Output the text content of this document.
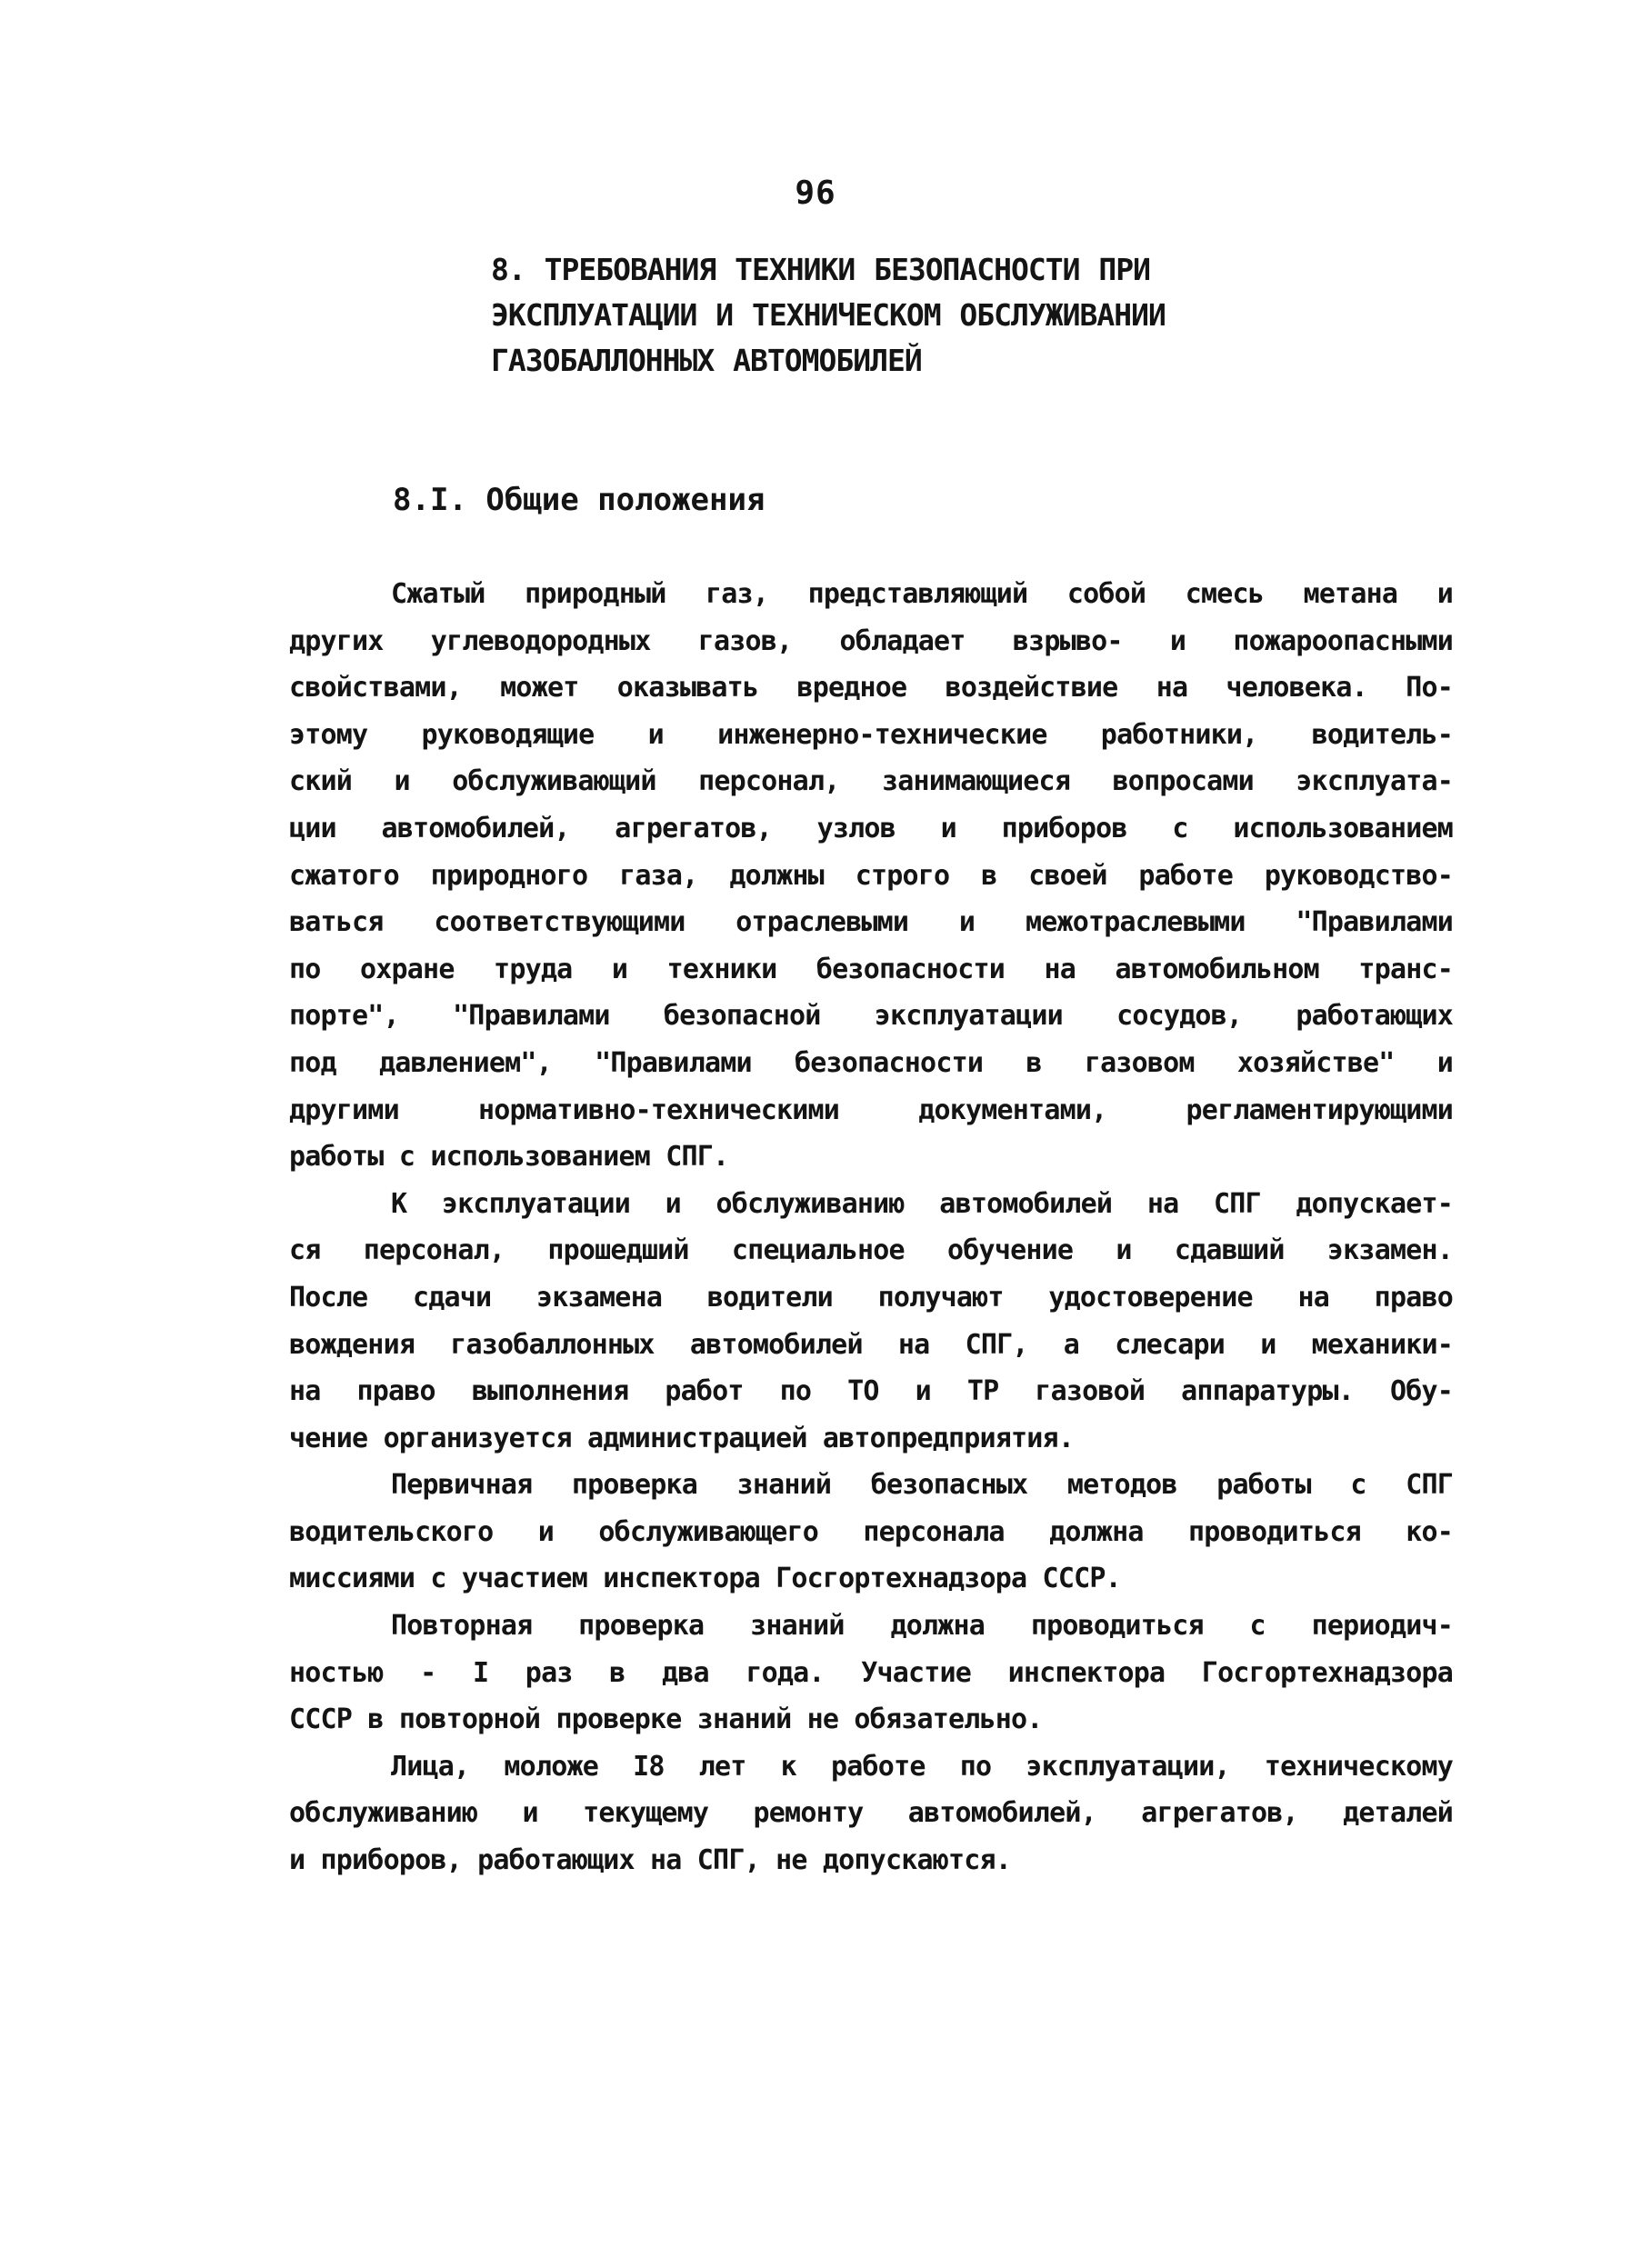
96
8. ТРЕБОВАНИЯ ТЕХНИКИ БЕЗОПАСНОСТИ ПРИ
ЭКСПЛУАТАЦИИ И ТЕХНИЧЕСКОМ ОБСЛУЖИВАНИИ
ГАЗОБАЛЛОННЫХ АВТОМОБИЛЕЙ
8.I. Общие положения
Сжатый природный газ, представляющий собой смесь метана и
других углеводородных газов, обладает взрыво- и пожароопасными
свойствами, может оказывать вредное воздействие на человека. По-
этому руководящие и инженерно-технические работники, водитель-
ский и обслуживающий персонал, занимающиеся вопросами эксплуата-
ции автомобилей, агрегатов, узлов и приборов с использованием
сжатого природного газа, должны строго в своей работе руководство-
ваться соответствующими отраслевыми и межотраслевыми "Правилами
по охране труда и техники безопасности на автомобильном транс-
порте", "Правилами безопасной эксплуатации сосудов, работающих
под давлением", "Правилами безопасности в газовом хозяйстве" и
другими нормативно-техническими документами, регламентирующими
работы с использованием СПГ.
К эксплуатации и обслуживанию автомобилей на СПГ допускает-
ся персонал, прошедший специальное обучение и сдавший экзамен.
После сдачи экзамена водители получают удостоверение на право
вождения газобаллонных автомобилей на СПГ, а слесари и механики-
на право выполнения работ по ТО и ТР газовой аппаратуры. Обу-
чение организуется администрацией автопредприятия.
Первичная проверка знаний безопасных методов работы с СПГ
водительского и обслуживающего персонала должна проводиться ко-
миссиями с участием инспектора Госгортехнадзора СССР.
Повторная проверка знаний должна проводиться с периодич-
ностью - I раз в два года. Участие инспектора Госгортехнадзора
СССР в повторной проверке знаний не обязательно.
Лица, моложе I8 лет к работе по эксплуатации, техническому
обслуживанию и текущему ремонту автомобилей, агрегатов, деталей
и приборов, работающих на СПГ, не допускаются.
